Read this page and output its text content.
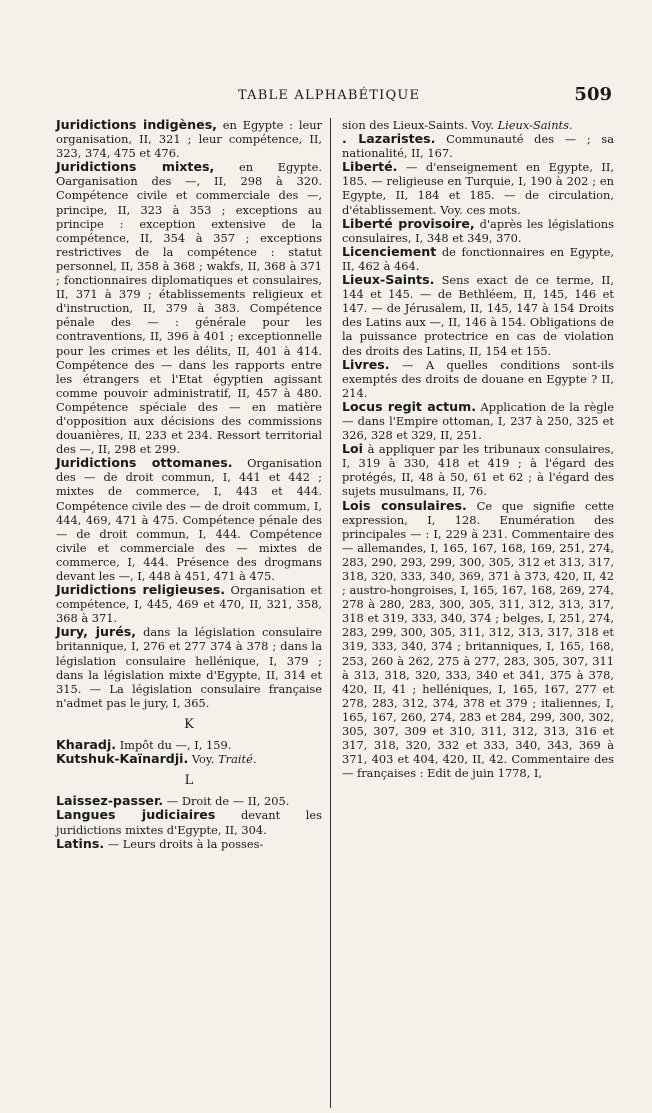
TABLE ALPHABÉTIQUE	509

Juridictions indigènes, en Egypte : leur organisation, II, 321 ; leur compétence, II, 323, 374, 475 et 476.

Juridictions mixtes, en Egypte. Oarganisation des —, II, 298 à 320. Compétence civile et commerciale des —, principe, II, 323 à 353 ; exceptions au principe : exception extensive de la compétence, II, 354 à 357 ; exceptions restrictives de la compétence : statut personnel, II, 358 à 368 ; wakfs, II, 368 à 371 ; fonctionnaires diplomatiques et consulaires, II, 371 à 379 ; établissements religieux et d'instruction, II, 379 à 383. Compétence pénale des — : générale pour les contraventions, II, 396 à 401 ; exceptionnelle pour les crimes et les délits, II, 401 à 414. Compétence des — dans les rapports entre les étrangers et l'Etat égyptien agissant comme pouvoir administratif, II, 457 à 480. Compétence spéciale des — en matière d'opposition aux décisions des commissions douanières, II, 233 et 234. Ressort territorial des —, II, 298 et 299.

Juridictions ottomanes. Organisation des — de droit commun, I, 441 et 442 ; mixtes de commerce, I, 443 et 444. Compétence civile des — de droit commum, I, 444, 469, 471 à 475. Compétence pénale des — de droit commun, I, 444. Compétence civile et commerciale des — mixtes de commerce, I, 444. Présence des drogmans devant les —, I, 448 à 451, 471 à 475.

Juridictions religieuses. Organisation et compétence, I, 445, 469 et 470, II, 321, 358, 368 à 371.

Jury, jurés, dans la législation consulaire britannique, I, 276 et 277 374 à 378 ; dans la législation consulaire hellénique, I, 379 ; dans la législation mixte d'Egypte, II, 314 et 315. — La législation consulaire française n'admet pas le jury, I, 365.

K

Kharadj. Impôt du —, I, 159.

Kutshuk-Kaïnardji. Voy. Traité.

L

Laissez-passer. — Droit de — II, 205.

Langues judiciaires devant les juridictions mixtes d'Egypte, II, 304.

Latins. — Leurs droits à la posses-

sion des Lieux-Saints. Voy. Lieux-Saints.

. Lazaristes. Communauté des — ; sa nationalité, II, 167.

Liberté. — d'enseignement en Egypte, II, 185. — religieuse en Turquie, I, 190 à 202 ; en Egypte, II, 184 et 185. — de circulation, d'établissement. Voy. ces mots.

Liberté provisoire, d'après les législations consulaires, I, 348 et 349, 370.

Licenciement de fonctionnaires en Egypte, II, 462 à 464.

Lieux-Saints. Sens exact de ce terme, II, 144 et 145. — de Bethléem, II, 145, 146 et 147. — de Jérusalem, II, 145, 147 à 154 Droits des Latins aux —, II, 146 à 154. Obligations de la puissance protectrice en cas de violation des droits des Latins, II, 154 et 155.

Livres. — A quelles conditions sont-ils exemptés des droits de douane en Egypte ? II, 214.

Locus regit actum. Application de la règle — dans l'Empire ottoman, I, 237 à 250, 325 et 326, 328 et 329, II, 251.

Loi à appliquer par les tribunaux consulaires, I, 319 à 330, 418 et 419 ; à l'égard des protégés, II, 48 à 50, 61 et 62 ; à l'égard des sujets musulmans, II, 76.

Lois consulaires. Ce que signifie cette expression, I, 128. Enumération des principales — : I, 229 à 231. Commentaire des — allemandes, I, 165, 167, 168, 169, 251, 274, 283, 290, 293, 299, 300, 305, 312 et 313, 317, 318, 320, 333, 340, 369, 371 à 373, 420, II, 42 ; austro-hongroises, I, 165, 167, 168, 269, 274, 278 à 280, 283, 300, 305, 311, 312, 313, 317, 318 et 319, 333, 340, 374 ; belges, I, 251, 274, 283, 299, 300, 305, 311, 312, 313, 317, 318 et 319, 333, 340, 374 ; britanniques, I, 165, 168, 253, 260 à 262, 275 à 277, 283, 305, 307, 311 à 313, 318, 320, 333, 340 et 341, 375 à 378, 420, II, 41 ; helléniques, I, 165, 167, 277 et 278, 283, 312, 374, 378 et 379 ; italiennes, I, 165, 167, 260, 274, 283 et 284, 299, 300, 302, 305, 307, 309 et 310, 311, 312, 313, 316 et 317, 318, 320, 332 et 333, 340, 343, 369 à 371, 403 et 404, 420, II, 42. Commentaire des — françaises : Edit de juin 1778, I,
